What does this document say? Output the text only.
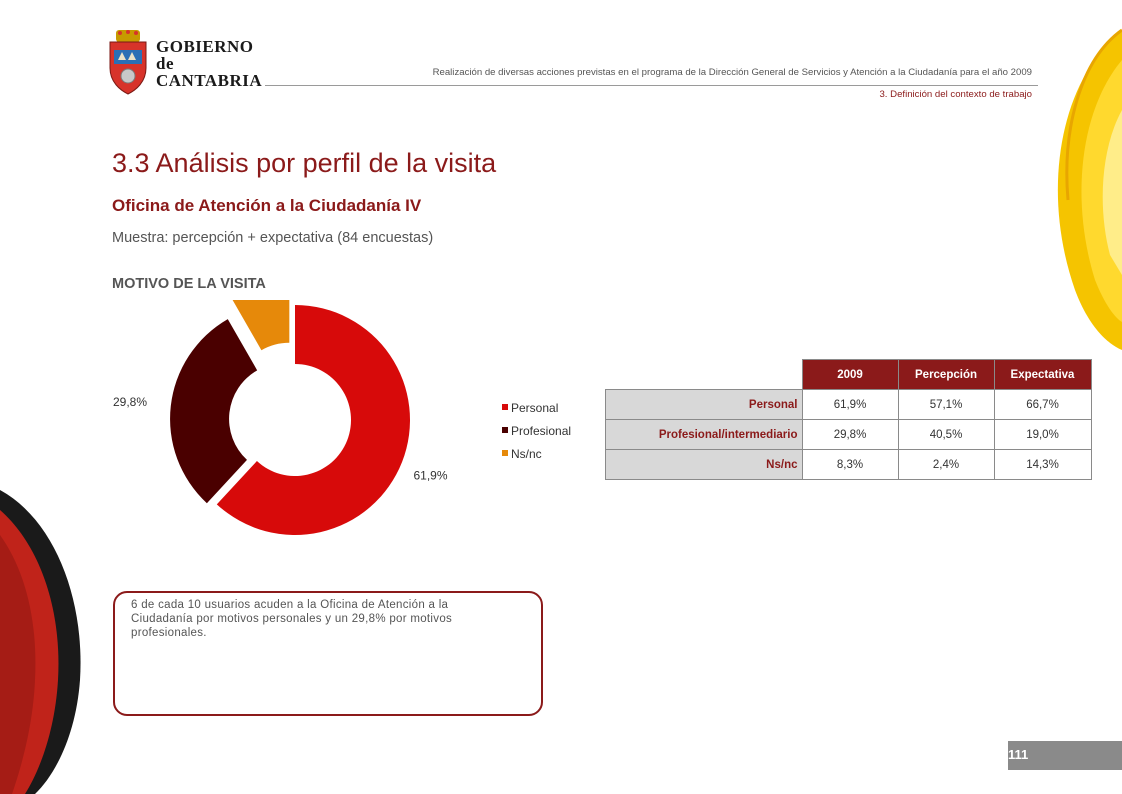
GOBIERNO
de
CANTABRIA	Realización de diversas acciones previstas en el programa de la Dirección General de Servicios y Atención a la Ciudadanía para el año 2009
3. Definición del contexto de trabajo
3.3 Análisis por perfil de la visita
Oficina de Atención a la Ciudadanía IV
Muestra: percepción + expectativa (84 encuestas)
MOTIVO DE LA VISITA
61,9%
29,8%	Personal
Profesional
Ns/nc
	2009	Percepción	Expectativa
Personal	61,9%	57,1%	66,7%
Profesional/intermediario	29,8%	40,5%	19,0%
Ns/nc	8,3%	2,4%	14,3%
6 de cada 10 usuarios acuden a la Oficina de Atención a la Ciudadanía por motivos personales y un 29,8% por motivos profesionales.
111
